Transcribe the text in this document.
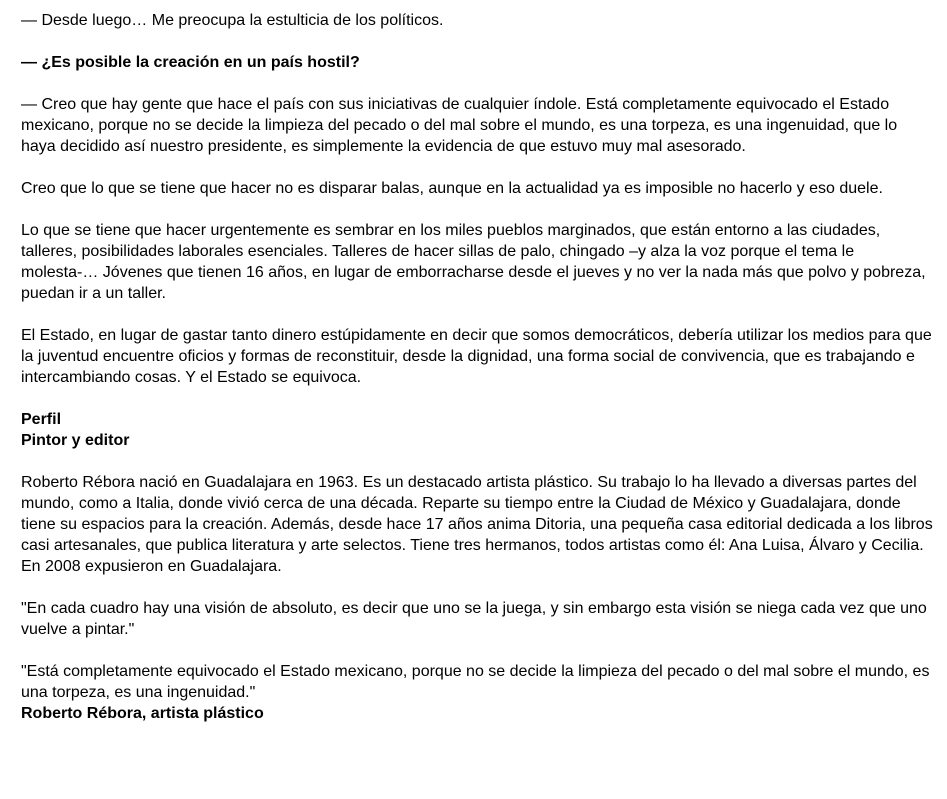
— Desde luego… Me preocupa la estulticia de los políticos.

— ¿Es posible la creación en un país hostil?

— Creo que hay gente que hace el país con sus iniciativas de cualquier índole. Está completamente equivocado el Estado mexicano, porque no se decide la limpieza del pecado o del mal sobre el mundo, es una torpeza, es una ingenuidad, que lo haya decidido así nuestro presidente, es simplemente la evidencia de que estuvo muy mal asesorado.

Creo que lo que se tiene que hacer no es disparar balas, aunque en la actualidad ya es imposible no hacerlo y eso duele.

Lo que se tiene que hacer urgentemente es sembrar en los miles pueblos marginados, que están entorno a las ciudades, talleres, posibilidades laborales esenciales. Talleres de hacer sillas de palo, chingado –y alza la voz porque el tema le molesta-… Jóvenes que tienen 16 años, en lugar de emborracharse desde el jueves y no ver la nada más que polvo y pobreza, puedan ir a un taller.

El Estado, en lugar de gastar tanto dinero estúpidamente en decir que somos democráticos, debería utilizar los medios para que la juventud encuentre oficios y formas de reconstituir, desde la dignidad, una forma social de convivencia, que es trabajando e intercambiando cosas. Y el Estado se equivoca.

Perfil
Pintor y editor

Roberto Rébora nació en Guadalajara en 1963. Es un destacado artista plástico. Su trabajo lo ha llevado a diversas partes del mundo, como a Italia, donde vivió cerca de una década. Reparte su tiempo entre la Ciudad de México y Guadalajara, donde tiene su espacios para la creación. Además, desde hace 17 años anima Ditoria, una pequeña casa editorial dedicada a los libros casi artesanales, que publica literatura y arte selectos. Tiene tres hermanos, todos artistas como él: Ana Luisa, Álvaro y Cecilia. En 2008 expusieron en Guadalajara.

"En cada cuadro hay una visión de absoluto, es decir que uno se la juega, y sin embargo esta visión se niega cada vez que uno vuelve a pintar."

"Está completamente equivocado el Estado mexicano, porque no se decide la limpieza del pecado o del mal sobre el mundo, es una torpeza, es una ingenuidad."

Roberto Rébora, artista plástico
